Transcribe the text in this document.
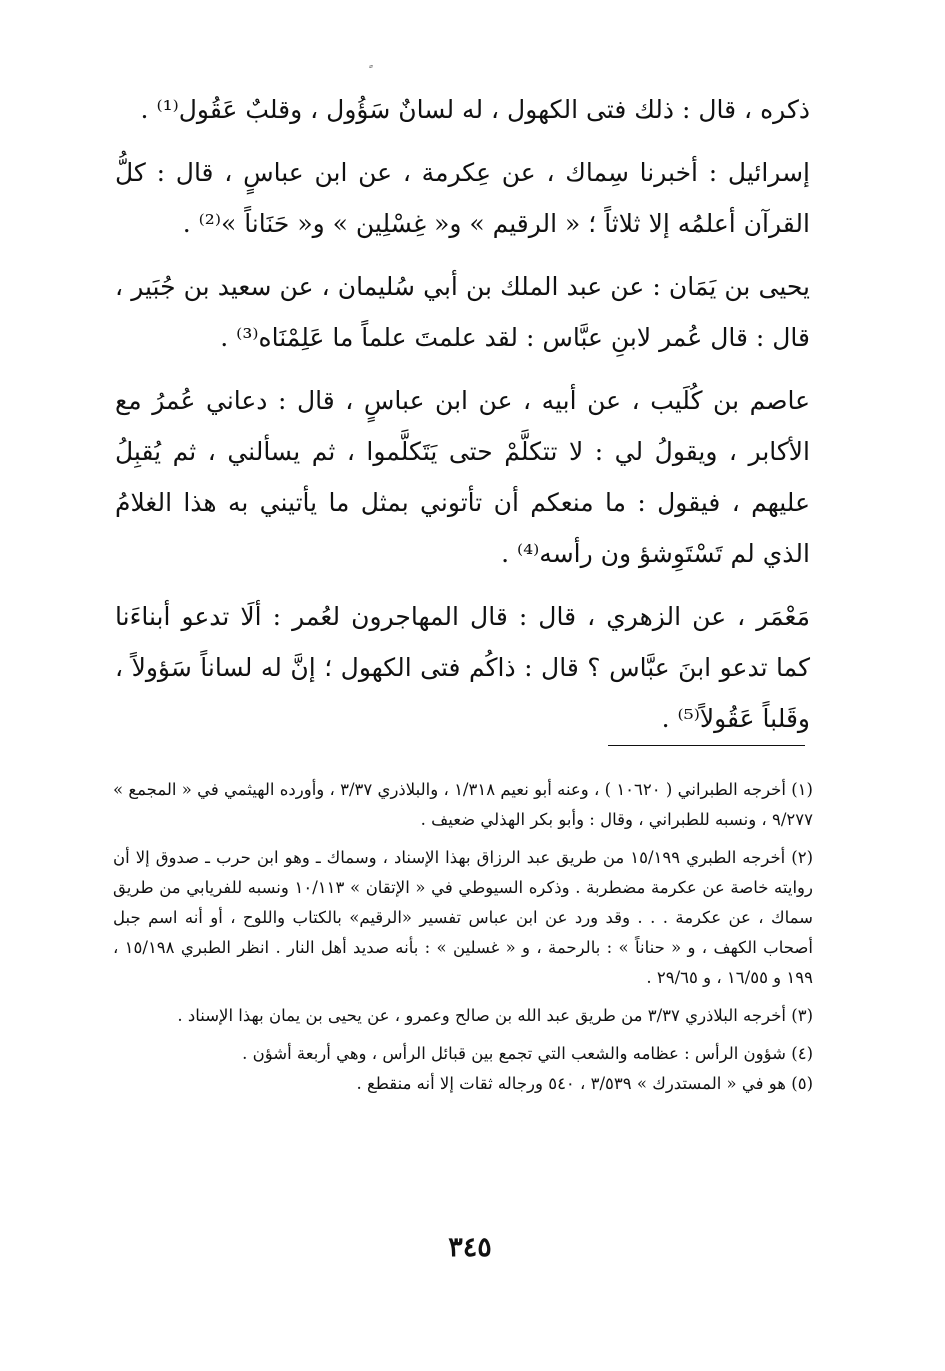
ذكره ، قال : ذلك فتى الكهول ، له لسانٌ سَؤُول ، وقلبٌ عَقُول⁽¹⁾ .

إسرائيل : أخبرنا سِماك ، عن عِكرمة ، عن ابن عباسٍ ، قال : كلُّ القرآن أعلمُه إلا ثلاثاً ؛ « الرقيم » و« غِسْلِين » و« حَنَاناً »⁽²⁾ .

يحيى بن يَمَان : عن عبد الملك بن أبي سُليمان ، عن سعيد بن جُبَير ، قال : قال عُمر لابنِ عبَّاس : لقد علمتَ علماً ما عَلِمْنَاه⁽³⁾ .

عاصم بن كُلَيب ، عن أبيه ، عن ابن عباسٍ ، قال : دعاني عُمرُ مع الأكابر ، ويقولُ لي : لا تتكلَّمْ حتى يَتَكلَّموا ، ثم يسألني ، ثم يُقبِلُ عليهم ، فيقول : ما منعكم أن تأتوني بمثل ما يأتيني به هذا الغلامُ الذي لم تَسْتَوِشؤ ون رأسه⁽⁴⁾ .

مَعْمَر ، عن الزهري ، قال : قال المهاجرون لعُمر : ألَا تدعو أبناءَنا كما تدعو ابنَ عبَّاس ؟ قال : ذاكُم فتى الكهول ؛ إنَّ له لساناً سَؤولاً ، وقَلباً عَقُولاً⁽⁵⁾ .

(١) أخرجه الطبراني ( ١٠٦٢٠ ) ، وعنه أبو نعيم ١/٣١٨ ، والبلاذري ٣/٣٧ ، وأورده الهيثمي في « المجمع » ٩/٢٧٧ ، ونسبه للطبراني ، وقال : وأبو بكر الهذلي ضعيف .

(٢) أخرجه الطبري ١٥/١٩٩ من طريق عبد الرزاق بهذا الإسناد ، وسماك ـ وهو ابن حرب ـ صدوق إلا أن روايته خاصة عن عكرمة مضطربة . وذكره السيوطي في « الإتقان » ١٠/١١٣ ونسبه للفريابي من طريق سماك ، عن عكرمة . . . وقد ورد عن ابن عباس تفسير «الرقيم» بالكتاب واللوح ، أو أنه اسم جبل أصحاب الكهف ، و « حناناً » : بالرحمة ، و « غسلين » : بأنه صديد أهل النار . انظر الطبري ١٥/١٩٨ ، ١٩٩ و ١٦/٥٥ ، و ٢٩/٦٥ .

(٣) أخرجه البلاذري ٣/٣٧ من طريق عبد الله بن صالح وعمرو ، عن يحيى بن يمان بهذا الإسناد .

(٤) شؤون الرأس : عظامه والشعب التي تجمع بين قبائل الرأس ، وهي أربعة أشؤن .

(٥) هو في « المستدرك » ٣/٥٣٩ ، ٥٤٠ ورجاله ثقات إلا أنه منقطع .

٣٤٥
